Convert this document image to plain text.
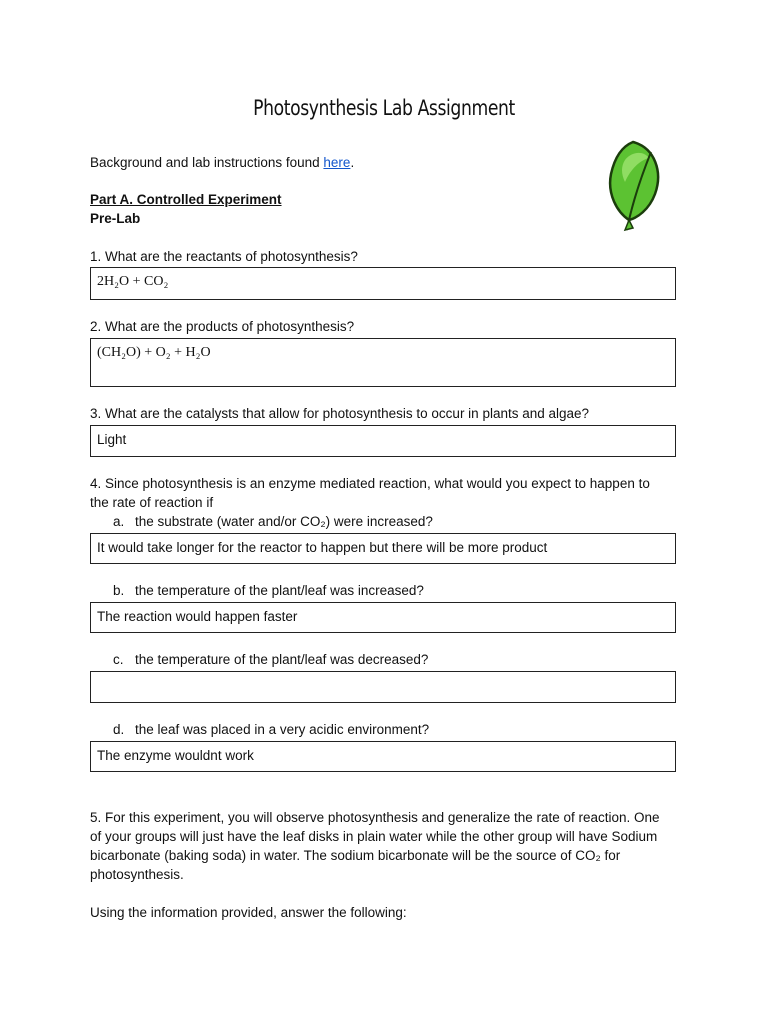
Photosynthesis Lab Assignment
Background and lab instructions found here.
Part A. Controlled Experiment
Pre-Lab
1. What are the reactants of photosynthesis?
2H₂O + CO₂
2. What are the products of photosynthesis?
(CH₂O) + O₂ + H₂O
3. What are the catalysts that allow for photosynthesis to occur in plants and algae?
Light
4. Since photosynthesis is an enzyme mediated reaction, what would you expect to happen to
the rate of reaction if
a. the substrate (water and/or CO₂) were increased?
It would take longer for the reactor to happen but there will be more product
b. the temperature of the plant/leaf was increased?
The reaction would happen faster
c. the temperature of the plant/leaf was decreased?
d. the leaf was placed in a very acidic environment?
The enzyme wouldnt work
5. For this experiment, you will observe photosynthesis and generalize the rate of reaction. One
of your groups will just have the leaf disks in plain water while the other group will have Sodium
bicarbonate (baking soda) in water. The sodium bicarbonate will be the source of CO₂ for
photosynthesis.
Using the information provided, answer the following:
